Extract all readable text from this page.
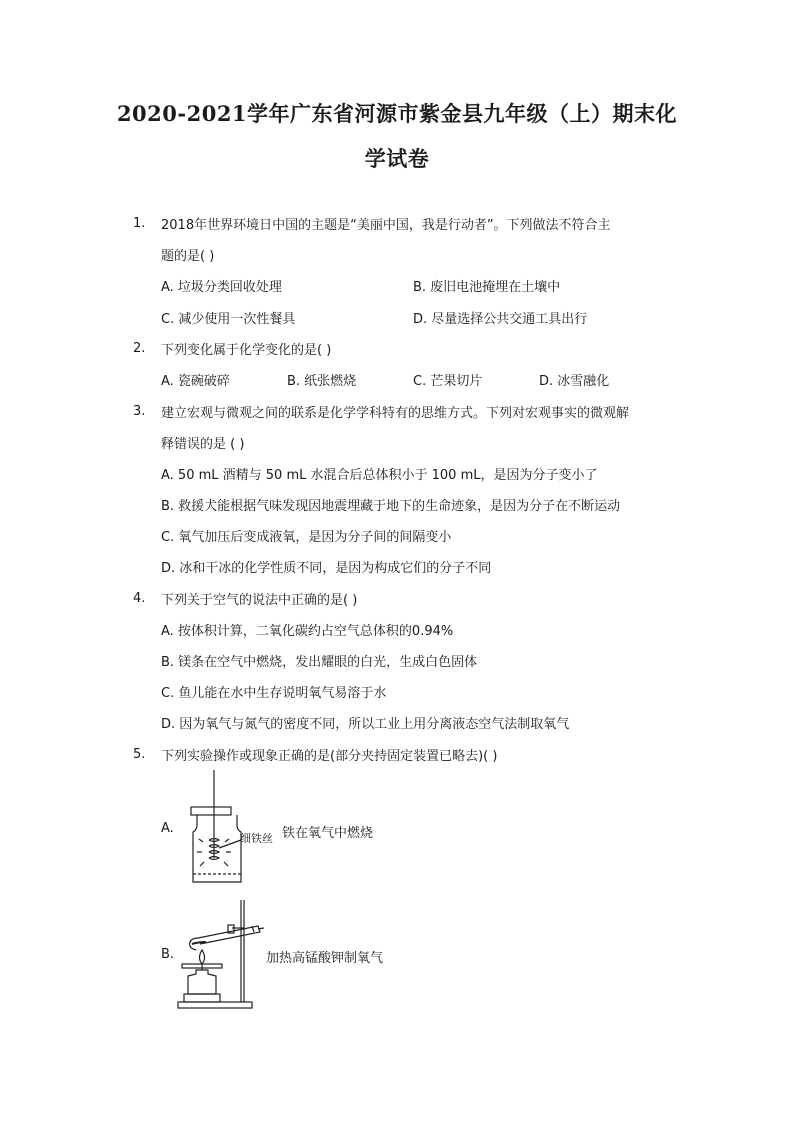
2020-2021学年广东省河源市紫金县九年级（上）期末化
学试卷
1. 2018年世界环境日中国的主题是“美丽中国，我是行动者”。下列做法不符合主
题的是( )
A. 垃圾分类回收处理	B. 废旧电池掩埋在土壤中
C. 减少使用一次性餐具	D. 尽量选择公共交通工具出行
2. 下列变化属于化学变化的是( )
A. 瓷碗破碎	B. 纸张燃烧	C. 芒果切片	D. 冰雪融化
3. 建立宏观与微观之间的联系是化学学科特有的思维方式。下列对宏观事实的微观解
释错误的是 ( )
A. 50 mL 酒精与 50 mL 水混合后总体积小于 100 mL，是因为分子变小了
B. 救援犬能根据气味发现因地震埋藏于地下的生命迹象，是因为分子在不断运动
C. 氧气加压后变成液氧，是因为分子间的间隔变小
D. 冰和干冰的化学性质不同，是因为构成它们的分子不同
4. 下列关于空气的说法中正确的是( )
A. 按体积计算，二氧化碳约占空气总体积的0.94%
B. 镁条在空气中燃烧，发出耀眼的白光，生成白色固体
C. 鱼儿能在水中生存说明氧气易溶于水
D. 因为氧气与氮气的密度不同，所以工业上用分离液态空气法制取氧气
5. 下列实验操作或现象正确的是(部分夹持固定装置已略去)( )
A.
细铁丝 铁在氧气中燃烧
B.	加热高锰酸钾制氧气
